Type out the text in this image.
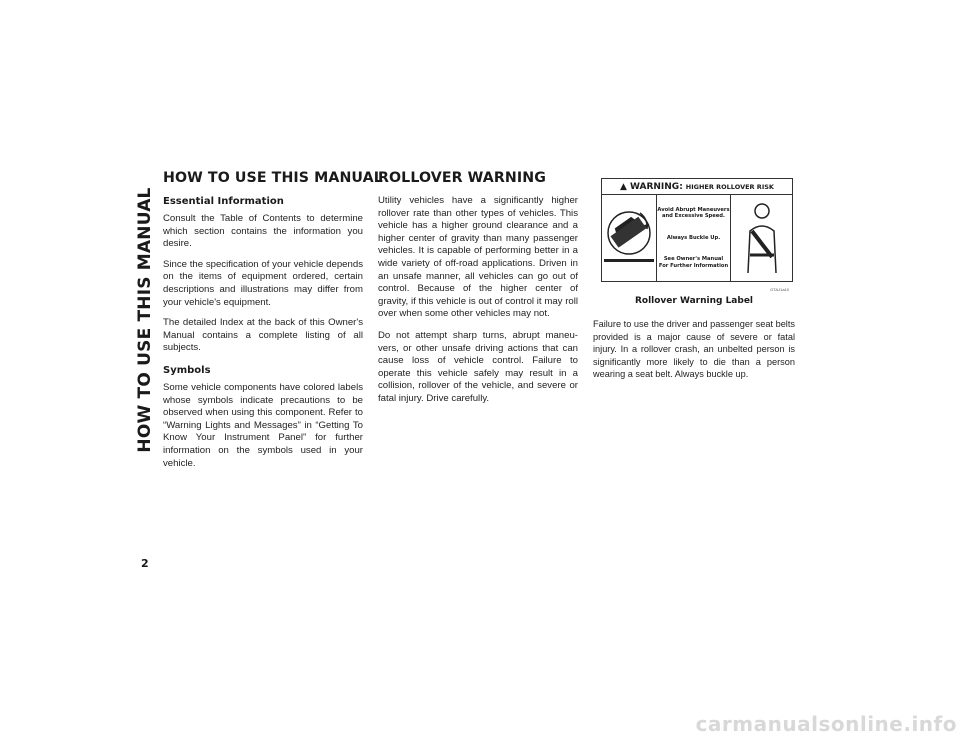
HOW TO USE THIS MANUAL
HOW TO USE THIS MANUAL
Essential Information

Consult the Table of Contents to determine which section contains the information you desire.

Since the specification of your vehicle depends on the items of equipment ordered, certain descriptions and illustrations may differ from your vehicle's equipment.

The detailed Index at the back of this Owner's Manual contains a complete listing of all subjects.

Symbols

Some vehicle components have colored labels whose symbols indicate precautions to be observed when using this component. Refer to “Warning Lights and Messages” in “Getting To Know Your Instrument Panel” for further information on the symbols used in your vehicle.

ROLLOVER WARNING

Utility vehicles have a significantly higher rollover rate than other types of vehicles. This vehicle has a higher ground clearance and a higher center of gravity than many passenger vehicles. It is capable of performing better in a wide variety of off-road applications. Driven in an unsafe manner, all vehicles can go out of control. Because of the higher center of gravity, if this vehicle is out of control it may roll over when some other vehicles may not.

Do not attempt sharp turns, abrupt maneu-vers, or other unsafe driving actions that can cause loss of vehicle control. Failure to operate this vehicle safely may result in a collision, rollover of the vehicle, and severe or fatal injury. Drive carefully.

▲ WARNING: HIGHER ROLLOVER RISK
Avoid Abrupt Maneuvers
and Excessive Speed.
Always Buckle Up.
See Owner's Manual
For Further Information
GTAJ1a10
Rollover Warning Label

Failure to use the driver and passenger seat belts provided is a major cause of severe or fatal injury. In a rollover crash, an unbelted person is significantly more likely to die than a person wearing a seat belt. Always buckle up.

2
carmanualsonline.info
